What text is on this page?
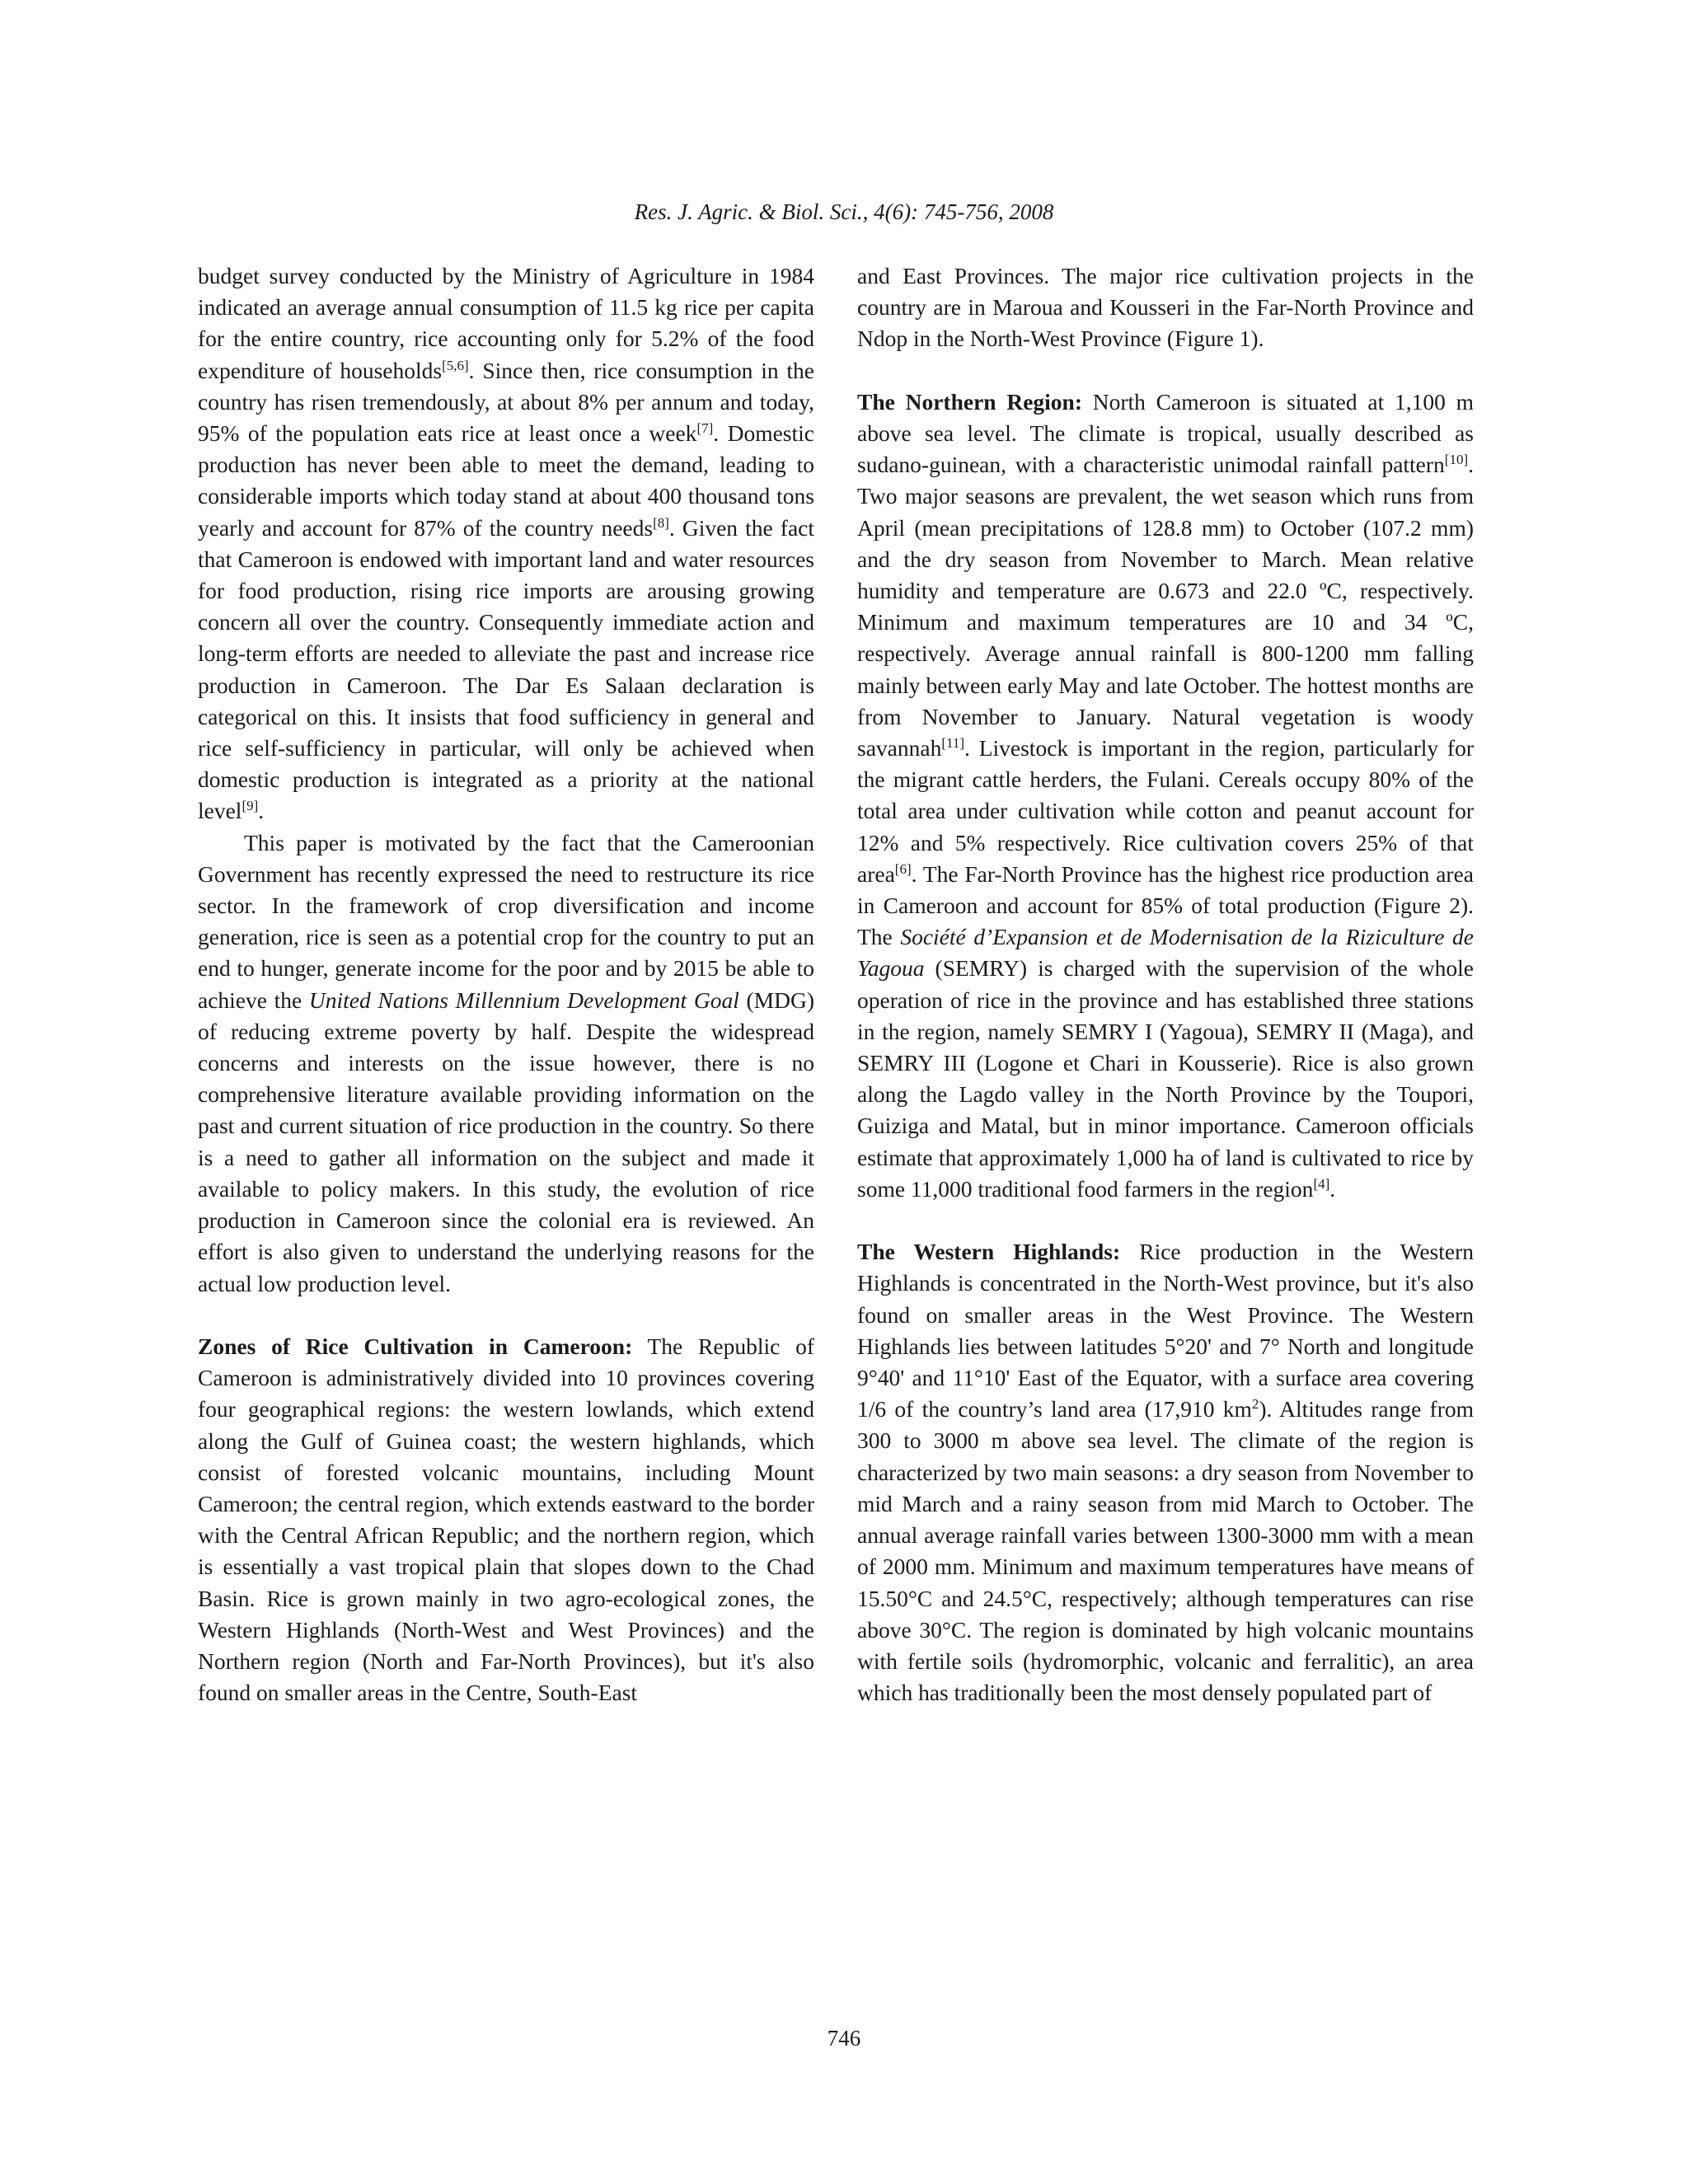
Res. J. Agric. & Biol. Sci., 4(6): 745-756, 2008

budget survey conducted by the Ministry of Agriculture in 1984 indicated an average annual consumption of 11.5 kg rice per capita for the entire country, rice accounting only for 5.2% of the food expenditure of households[5,6]. Since then, rice consumption in the country has risen tremendously, at about 8% per annum and today, 95% of the population eats rice at least once a week[7]. Domestic production has never been able to meet the demand, leading to considerable imports which today stand at about 400 thousand tons yearly and account for 87% of the country needs[8]. Given the fact that Cameroon is endowed with important land and water resources for food production, rising rice imports are arousing growing concern all over the country. Consequently immediate action and long-term efforts are needed to alleviate the past and increase rice production in Cameroon. The Dar Es Salaan declaration is categorical on this. It insists that food sufficiency in general and rice self-sufficiency in particular, will only be achieved when domestic production is integrated as a priority at the national level[9].

This paper is motivated by the fact that the Cameroonian Government has recently expressed the need to restructure its rice sector. In the framework of crop diversification and income generation, rice is seen as a potential crop for the country to put an end to hunger, generate income for the poor and by 2015 be able to achieve the United Nations Millennium Development Goal (MDG) of reducing extreme poverty by half. Despite the widespread concerns and interests on the issue however, there is no comprehensive literature available providing information on the past and current situation of rice production in the country. So there is a need to gather all information on the subject and made it available to policy makers. In this study, the evolution of rice production in Cameroon since the colonial era is reviewed. An effort is also given to understand the underlying reasons for the actual low production level.

Zones of Rice Cultivation in Cameroon: The Republic of Cameroon is administratively divided into 10 provinces covering four geographical regions: the western lowlands, which extend along the Gulf of Guinea coast; the western highlands, which consist of forested volcanic mountains, including Mount Cameroon; the central region, which extends eastward to the border with the Central African Republic; and the northern region, which is essentially a vast tropical plain that slopes down to the Chad Basin. Rice is grown mainly in two agro-ecological zones, the Western Highlands (North-West and West Provinces) and the Northern region (North and Far-North Provinces), but it's also found on smaller areas in the Centre, South-East

and East Provinces. The major rice cultivation projects in the country are in Maroua and Kousseri in the Far-North Province and Ndop in the North-West Province (Figure 1).

The Northern Region: North Cameroon is situated at 1,100 m above sea level. The climate is tropical, usually described as sudano-guinean, with a characteristic unimodal rainfall pattern[10]. Two major seasons are prevalent, the wet season which runs from April (mean precipitations of 128.8 mm) to October (107.2 mm) and the dry season from November to March. Mean relative humidity and temperature are 0.673 and 22.0 ºC, respectively. Minimum and maximum temperatures are 10 and 34 ºC, respectively. Average annual rainfall is 800-1200 mm falling mainly between early May and late October. The hottest months are from November to January. Natural vegetation is woody savannah[11]. Livestock is important in the region, particularly for the migrant cattle herders, the Fulani. Cereals occupy 80% of the total area under cultivation while cotton and peanut account for 12% and 5% respectively. Rice cultivation covers 25% of that area[6]. The Far-North Province has the highest rice production area in Cameroon and account for 85% of total production (Figure 2). The Société d’Expansion et de Modernisation de la Riziculture de Yagoua (SEMRY) is charged with the supervision of the whole operation of rice in the province and has established three stations in the region, namely SEMRY I (Yagoua), SEMRY II (Maga), and SEMRY III (Logone et Chari in Kousserie). Rice is also grown along the Lagdo valley in the North Province by the Toupori, Guiziga and Matal, but in minor importance. Cameroon officials estimate that approximately 1,000 ha of land is cultivated to rice by some 11,000 traditional food farmers in the region[4].

The Western Highlands: Rice production in the Western Highlands is concentrated in the North-West province, but it's also found on smaller areas in the West Province. The Western Highlands lies between latitudes 5°20' and 7° North and longitude 9°40' and 11°10' East of the Equator, with a surface area covering 1/6 of the country’s land area (17,910 $km^2$). Altitudes range from 300 to 3000 m above sea level. The climate of the region is characterized by two main seasons: a dry season from November to mid March and a rainy season from mid March to October. The annual average rainfall varies between 1300-3000 mm with a mean of 2000 mm. Minimum and maximum temperatures have means of 15.50°C and 24.5°C, respectively; although temperatures can rise above 30°C. The region is dominated by high volcanic mountains with fertile soils (hydromorphic, volcanic and ferralitic), an area which has traditionally been the most densely populated part of

746
